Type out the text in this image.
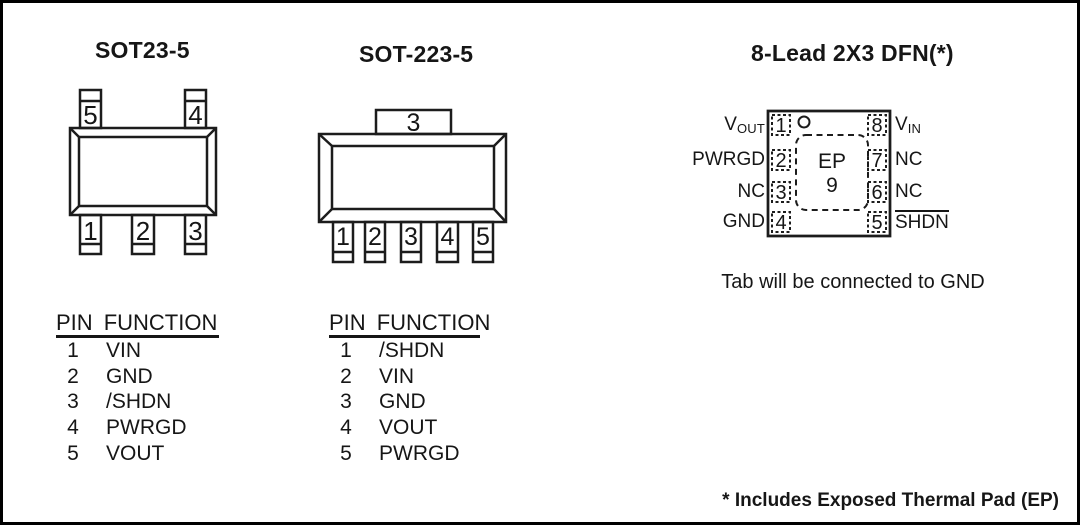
SOT23-5	SOT-223-5	8-Lead 2X3 DFN(*)
5	4
1 2 3
3
1 2 3 4 5
1
2
3
4
8
7
6
5
EP
9
$V_{OUT}$
PWRGD
NC
GND
$V_{IN}$
NC
NC
SHDN
Tab will be connected to GND
PIN FUNCTION
1	VIN
2	GND
3	/SHDN
4	PWRGD
5	VOUT
PIN FUNCTION
1	/SHDN
2	VIN
3	GND
4	VOUT
5	PWRGD
* Includes Exposed Thermal Pad (EP)
